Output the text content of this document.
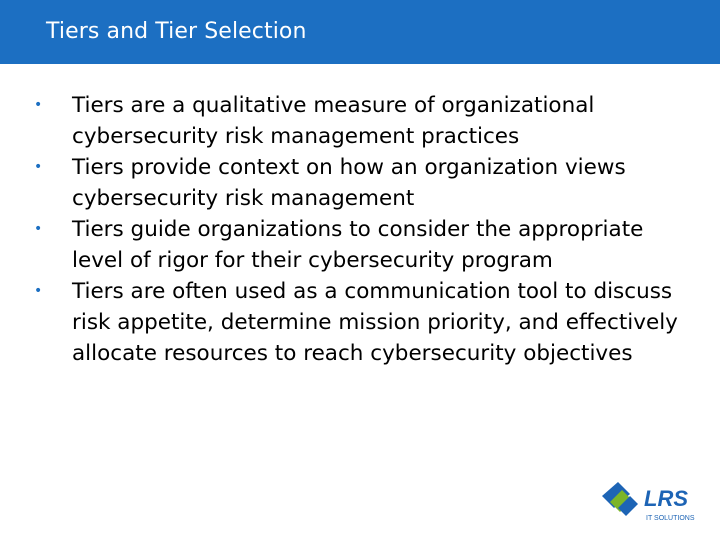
Tiers and Tier Selection
• Tiers are a qualitative measure of organizational cybersecurity risk management practices
• Tiers provide context on how an organization views cybersecurity risk management
• Tiers guide organizations to consider the appropriate level of rigor for their cybersecurity program
• Tiers are often used as a communication tool to discuss risk appetite, determine mission priority, and effectively allocate resources to reach cybersecurity objectives
LRS
IT SOLUTIONS
